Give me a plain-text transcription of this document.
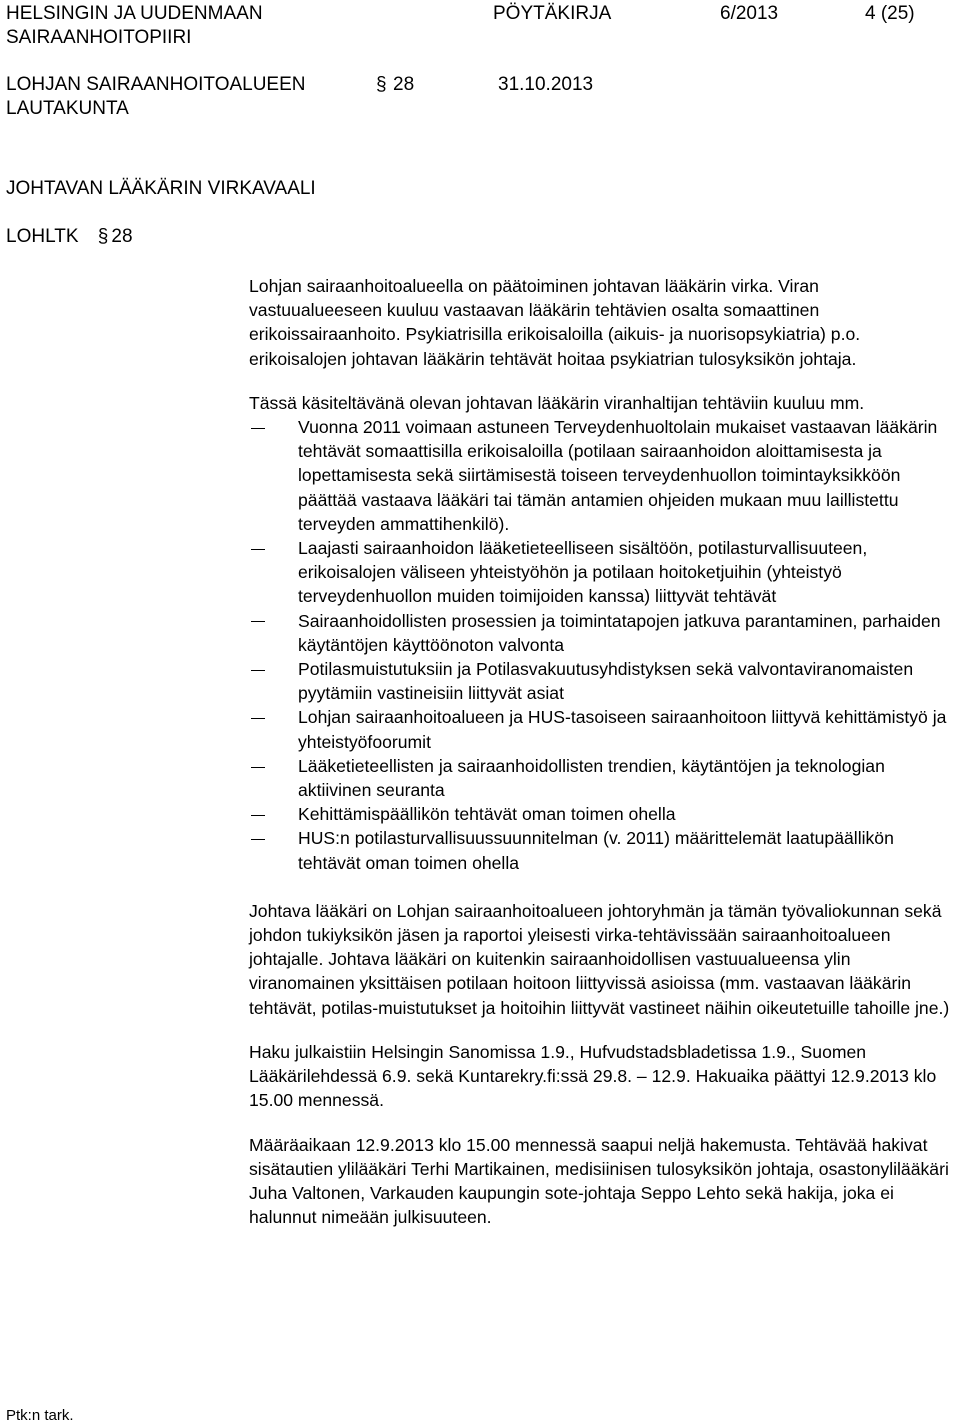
HELSINGIN JA UUDENMAAN
SAIRAANHOITOPIIRI
PÖYTÄKIRJA	6/2013	4 (25)
LOHJAN SAIRAANHOITOALUEEN
LAUTAKUNTA
§ 28	31.10.2013
JOHTAVAN LÄÄKÄRIN VIRKAVAALI
LOHLTK § 28

Lohjan sairaanhoitoalueella on päätoiminen johtavan lääkärin virka. Viran vastuualueeseen kuuluu vastaavan lääkärin tehtävien osalta somaattinen erikoissairaanhoito. Psykiatrisilla erikoisaloilla (aikuis- ja nuorisopsykiatria) p.o. erikoisalojen johtavan lääkärin tehtävät hoitaa psykiatrian tulosyksikön johtaja.

Tässä käsiteltävänä olevan johtavan lääkärin viranhaltijan tehtäviin kuuluu mm.

Vuonna 2011 voimaan astuneen Terveydenhuoltolain mukaiset vastaavan lääkärin tehtävät somaattisilla erikoisaloilla (potilaan sairaanhoidon aloittamisesta ja lopettamisesta sekä siirtämisestä toiseen terveydenhuollon toimintayksikköön päättää vastaava lääkäri tai tämän antamien ohjeiden mukaan muu laillistettu terveyden ammattihenkilö).

Laajasti sairaanhoidon lääketieteelliseen sisältöön, potilasturvallisuuteen, erikoisalojen väliseen yhteistyöhön ja potilaan hoitoketjuihin (yhteistyö terveydenhuollon muiden toimijoiden kanssa) liittyvät tehtävät

Sairaanhoidollisten prosessien ja toimintatapojen jatkuva parantaminen, parhaiden käytäntöjen käyttöönoton valvonta

Potilasmuistutuksiin ja Potilasvakuutusyhdistyksen sekä valvontaviranomaisten pyytämiin vastineisiin liittyvät asiat

Lohjan sairaanhoitoalueen ja HUS-tasoiseen sairaanhoitoon liittyvä kehittämistyö ja yhteistyöfoorumit

Lääketieteellisten ja sairaanhoidollisten trendien, käytäntöjen ja teknologian aktiivinen seuranta

Kehittämispäällikön tehtävät oman toimen ohella

HUS:n potilasturvallisuussuunnitelman (v. 2011) määrittelemät laatupäällikön tehtävät oman toimen ohella

Johtava lääkäri on Lohjan sairaanhoitoalueen johtoryhmän ja tämän työvaliokunnan sekä johdon tukiyksikön jäsen ja raportoi yleisesti virka-tehtävissään sairaanhoitoalueen johtajalle. Johtava lääkäri on kuitenkin sairaanhoidollisen vastuualueensa ylin viranomainen yksittäisen potilaan hoitoon liittyvissä asioissa (mm. vastaavan lääkärin tehtävät, potilas-muistutukset ja hoitoihin liittyvät vastineet näihin oikeutetuille tahoille jne.)

Haku julkaistiin Helsingin Sanomissa 1.9., Hufvudstadsbladetissa 1.9., Suomen Lääkärilehdessä 6.9. sekä Kuntarekry.fi:ssä 29.8. – 12.9. Hakuaika päättyi 12.9.2013 klo 15.00 mennessä.

Määräaikaan 12.9.2013 klo 15.00 mennessä saapui neljä hakemusta. Tehtävää hakivat sisätautien ylilääkäri Terhi Martikainen, medisiinisen tulosyksikön johtaja, osastonylilääkäri Juha Valtonen, Varkauden kaupungin sote-johtaja Seppo Lehto sekä hakija, joka ei halunnut nimeään julkisuuteen.

Ptk:n tark.
